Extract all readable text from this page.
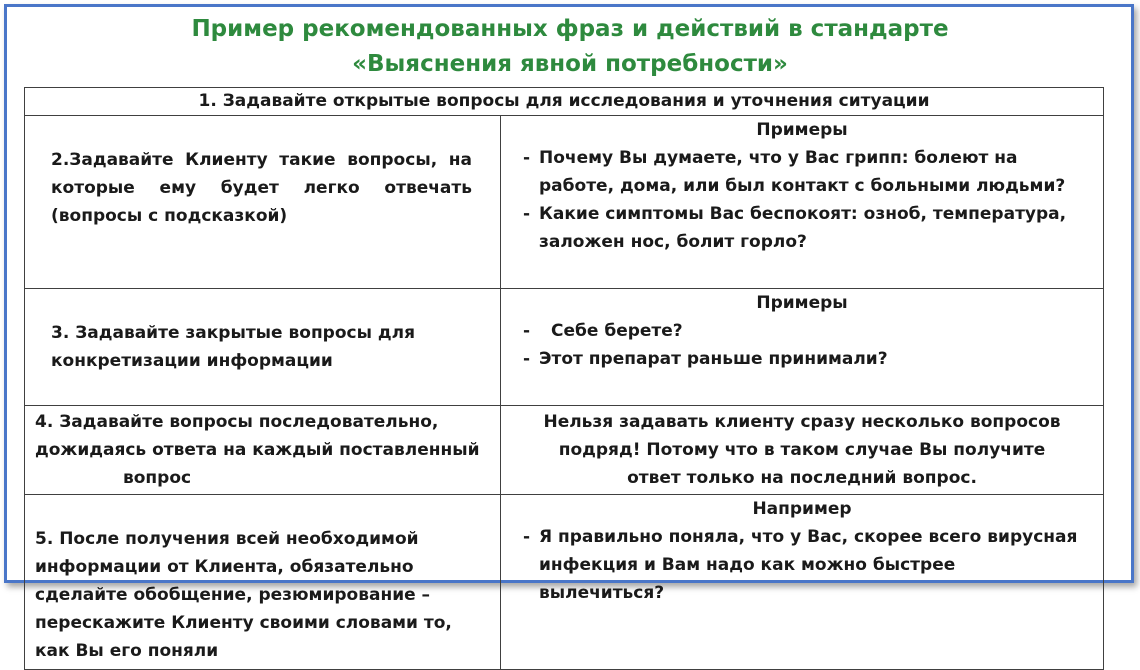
Пример рекомендованных фраз и действий в стандарте
«Выяснения явной потребности»
1. Задавайте открытые вопросы для исследования и уточнения ситуации	
2.Задавайте Клиенту такие вопросы, на которые ему будет легко отвечать (вопросы с подсказкой)	Примеры
- Почему Вы думаете, что у Вас грипп: болеют на работе, дома, или был контакт с больными людьми?
- Какие симптомы Вас беспокоят: озноб, температура, заложен нос, болит горло?

3. Задавайте закрытые вопросы для конкретизации информации	Примеры
- Себе берете?
- Этот препарат раньше принимали?

4. Задавайте вопросы последовательно, дожидаясь ответа на каждый поставленный
вопрос	Нельзя задавать клиенту сразу несколько вопросов подряд! Потому что в таком случае Вы получите ответ только на последний вопрос.
5. После получения всей необходимой информации от Клиента, обязательно сделайте обобщение, резюмирование – перескажите Клиенту своими словами то, как Вы его поняли	Например
- Я правильно поняла, что у Вас, скорее всего вирусная инфекция и Вам надо как можно быстрее вылечиться?
